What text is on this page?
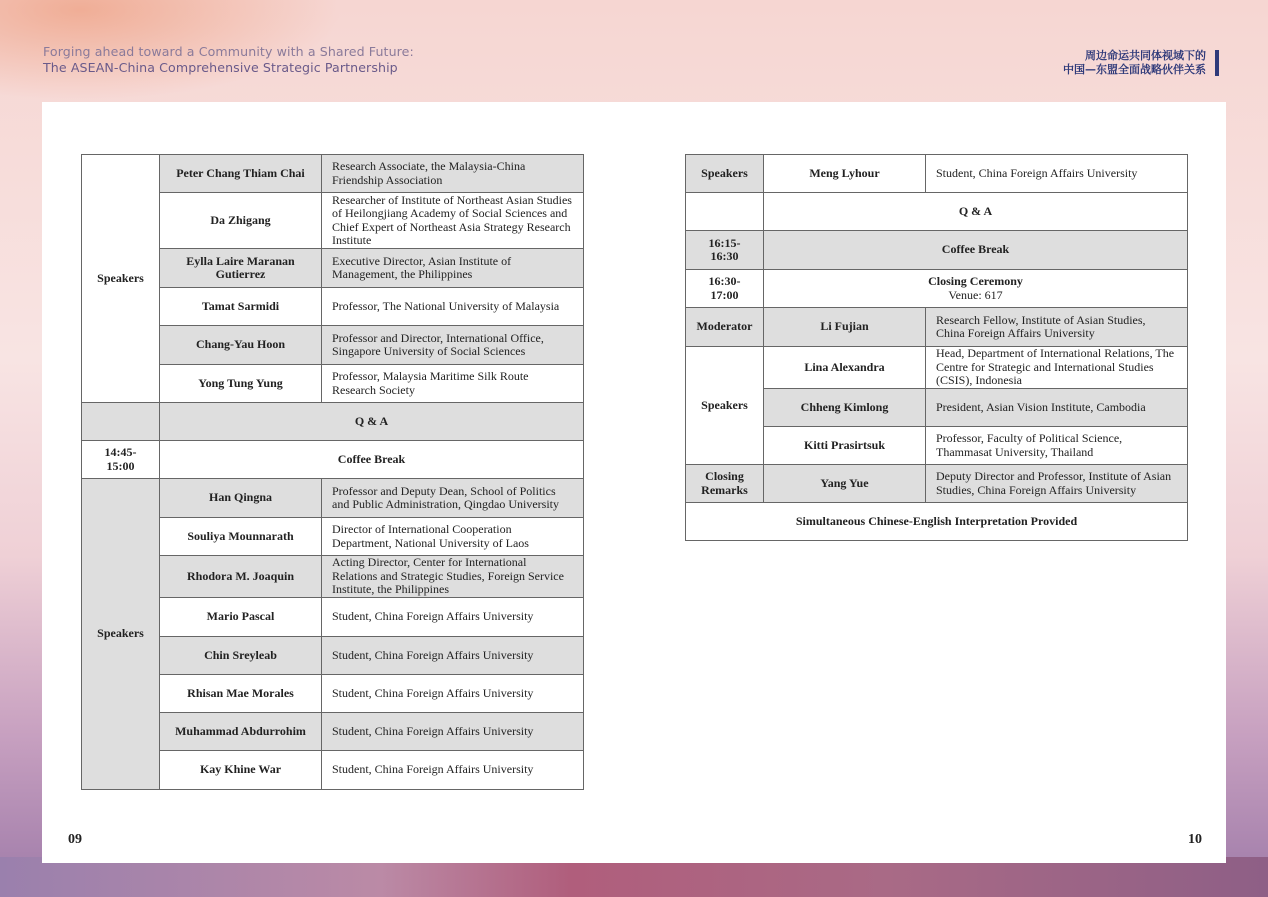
Forging ahead toward a Community with a Shared Future:
The ASEAN-China Comprehensive Strategic Partnership
周边命运共同体视域下的
中国—东盟全面战略伙伴关系
Speakers	Peter Chang Thiam Chai	Research Associate, the Malaysia-China Friendship Association
	Da Zhigang	Researcher of Institute of Northeast Asian Studies of Heilongjiang Academy of Social Sciences and Chief Expert of Northeast Asia Strategy Research Institute
	Eylla Laire Maranan Gutierrez	Executive Director, Asian Institute of Management, the Philippines
	Tamat Sarmidi	Professor, The National University of Malaysia
	Chang-Yau Hoon	Professor and Director, International Office, Singapore University of Social Sciences
	Yong Tung Yung	Professor, Malaysia Maritime Silk Route Research Society
	Q & A	
14:45-15:00	Coffee Break	
Speakers	Han Qingna	Professor and Deputy Dean, School of Politics and Public Administration, Qingdao University
	Souliya Mounnarath	Director of International Cooperation Department, National University of Laos
	Rhodora M. Joaquin	Acting Director, Center for International Relations and Strategic Studies, Foreign Service Institute, the Philippines
	Mario Pascal	Student, China Foreign Affairs University
	Chin Sreyleab	Student, China Foreign Affairs University
	Rhisan Mae Morales	Student, China Foreign Affairs University
	Muhammad Abdurrohim	Student, China Foreign Affairs University
	Kay Khine War	Student, China Foreign Affairs University
Speakers	Meng Lyhour	Student, China Foreign Affairs University
	Q & A	
16:15-16:30	Coffee Break	
16:30-17:00	Closing Ceremony
Venue: 617	

Moderator	Li Fujian	Research Fellow, Institute of Asian Studies, China Foreign Affairs University
Speakers	Lina Alexandra	Head, Department of International Relations, The Centre for Strategic and International Studies (CSIS), Indonesia
	Chheng Kimlong	President, Asian Vision Institute, Cambodia
	Kitti Prasirtsuk	Professor, Faculty of Political Science, Thammasat University, Thailand
Closing Remarks	Yang Yue	Deputy Director and Professor, Institute of Asian Studies, China Foreign Affairs University
Simultaneous Chinese-English Interpretation Provided		
09	10
